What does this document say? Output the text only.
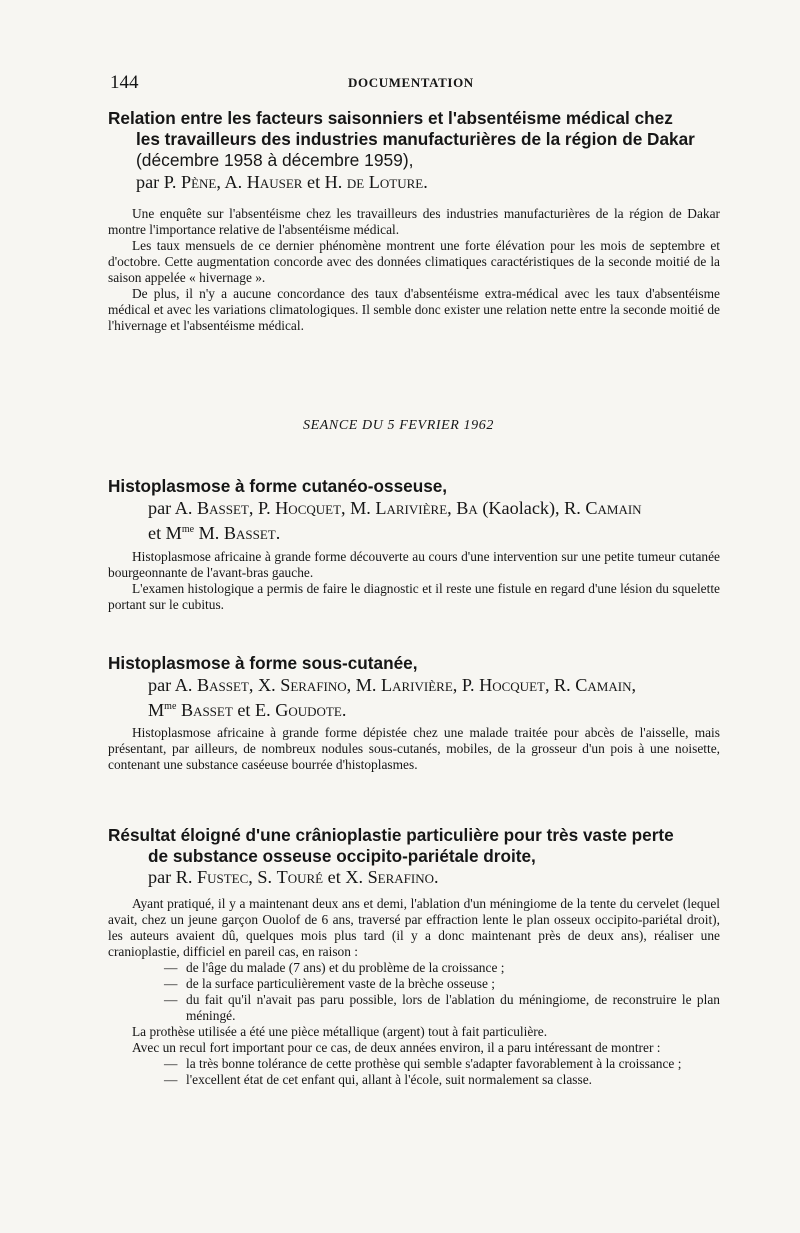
144	DOCUMENTATION
Relation entre les facteurs saisonniers et l'absentéisme médical chez
les travailleurs des industries manufacturières de la région de Dakar
(décembre 1958 à décembre 1959),
par P. Pène, A. Hauser et H. de Loture.

Une enquête sur l'absentéisme chez les travailleurs des industries manufacturières de la région de Dakar montre l'importance relative de l'absentéisme médical.

Les taux mensuels de ce dernier phénomène montrent une forte élévation pour les mois de septembre et d'octobre. Cette augmentation concorde avec des données climatiques caractéristiques de la seconde moitié de la saison appelée « hivernage ».

De plus, il n'y a aucune concordance des taux d'absentéisme extra-médical avec les taux d'absentéisme médical et avec les variations climatologiques. Il semble donc exister une relation nette entre la seconde moitié de l'hivernage et l'absentéisme médical.

SEANCE DU 5 FEVRIER 1962
Histoplasmose à forme cutanéo-osseuse,
par A. Basset, P. Hocquet, M. Larivière, Ba (Kaolack), R. Camain
et $M^{me}$ M. Basset.

Histoplasmose africaine à grande forme découverte au cours d'une intervention sur une petite tumeur cutanée bourgeonnante de l'avant-bras gauche.

L'examen histologique a permis de faire le diagnostic et il reste une fistule en regard d'une lésion du squelette portant sur le cubitus.

Histoplasmose à forme sous-cutanée,
par A. Basset, X. Serafino, M. Larivière, P. Hocquet, R. Camain,
$M^{me}$ Basset et E. Goudote.

Histoplasmose africaine à grande forme dépistée chez une malade traitée pour abcès de l'aisselle, mais présentant, par ailleurs, de nombreux nodules sous-cutanés, mobiles, de la grosseur d'un pois à une noisette, contenant une substance caséeuse bourrée d'histoplasmes.

Résultat éloigné d'une crânioplastie particulière pour très vaste perte
de substance osseuse occipito-pariétale droite,
par R. Fustec, S. Touré et X. Serafino.

Ayant pratiqué, il y a maintenant deux ans et demi, l'ablation d'un méningiome de la tente du cervelet (lequel avait, chez un jeune garçon Ouolof de 6 ans, traversé par effraction lente le plan osseux occipito-pariétal droit), les auteurs avaient dû, quelques mois plus tard (il y a donc maintenant près de deux ans), réaliser une cranioplastie, difficiel en pareil cas, en raison :

— de l'âge du malade (7 ans) et du problème de la croissance ;

— de la surface particulièrement vaste de la brèche osseuse ;

— du fait qu'il n'avait pas paru possible, lors de l'ablation du méningiome, de reconstruire le plan méningé.

La prothèse utilisée a été une pièce métallique (argent) tout à fait particulière.

Avec un recul fort important pour ce cas, de deux années environ, il a paru intéressant de montrer :

— la très bonne tolérance de cette prothèse qui semble s'adapter favorablement à la croissance ;

— l'excellent état de cet enfant qui, allant à l'école, suit normalement sa classe.
